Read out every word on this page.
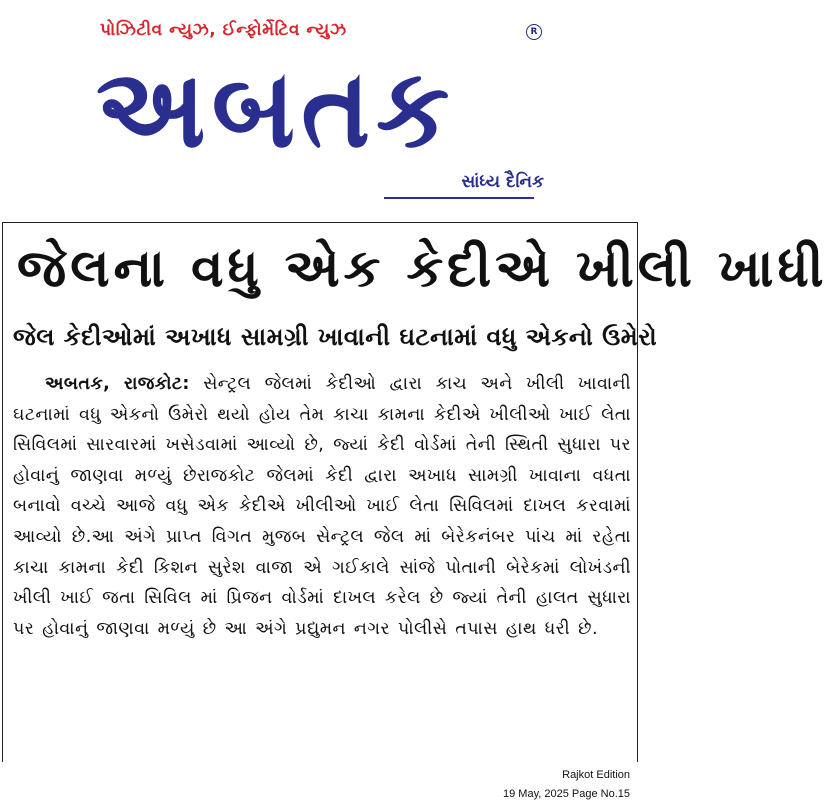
પોઝિટીવ ન્યુઝ, ઈન્ફોર્મેટિવ ન્યુઝ	R
અબતક
સાંધ્ય દૈનિક
જેલના વધુ એક કેદીએ ખીલી ખાધી
જેલ કેદીઓમાં અખાધ સામગ્રી ખાવાની ઘટનામાં વધુ એકનો ઉમેરો
અબતક, રાજકોટ: સેન્ટ્રલ જેલમાં કેદીઓ દ્વારા કાચ અને ખીલી ખાવાની ઘટનામાં વધુ એકનો ઉમેરો થયો હોય તેમ કાચા કામના કેદીએ ખીલીઓ ખાઈ લેતા સિવિલમાં સારવારમાં ખસેડવામાં આવ્યો છે, જ્યાં કેદી વોર્ડમાં તેની સ્થિતી સુધારા પર હોવાનું જાણવા મળ્યું છેરાજકોટ જેલમાં કેદી દ્વારા અખાધ સામગ્રી ખાવાના વધતા બનાવો વચ્ચે આજે વધુ એક કેદીએ ખીલીઓ ખાઈ લેતા સિવિલમાં દાખલ કરવામાં આવ્યો છે.આ અંગે પ્રાપ્ત વિગત મુજબ સેન્ટ્રલ જેલ માં બેરેકનંબર પાંચ માં રહેતા કાચા કામના કેદી કિશન સુરેશ વાજા એ ગઈકાલે સાંજે પોતાની બેરેકમાં લોખંડની ખીલી ખાઈ જતા સિવિલ માં પ્રિજન વોર્ડમાં દાખલ કરેલ છે જ્યાં તેની હાલત સુધારા પર હોવાનું જાણવા મળ્યું છે આ અંગે પ્રદ્યુમન નગર પોલીસે તપાસ હાથ ધરી છે.
Rajkot Edition
19 May, 2025 Page No.15
